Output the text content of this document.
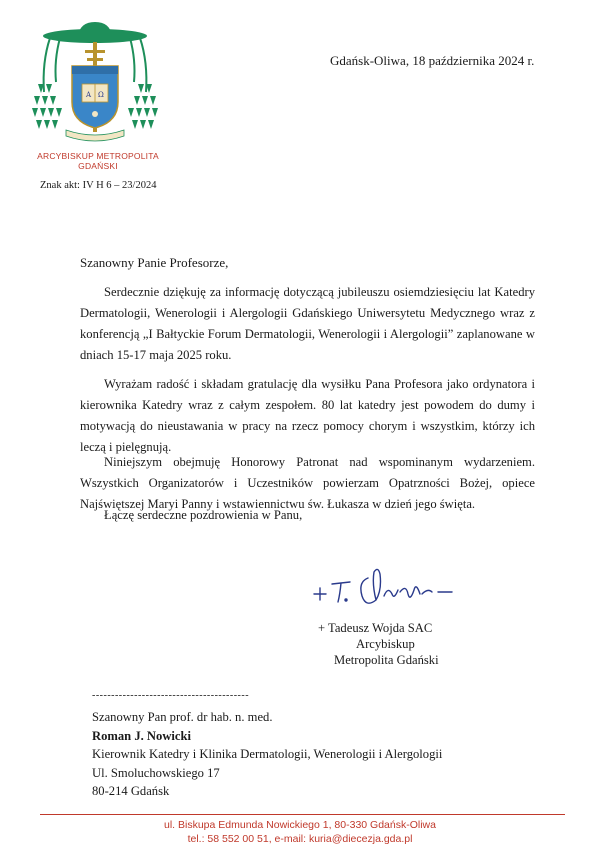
A Ω
ARCYBISKUP METROPOLITA
GDAŃSKI
Gdańsk-Oliwa, 18 października 2024 r.
Znak akt: IV H 6 – 23/2024
Szanowny Panie Profesorze,

Serdecznie dziękuję za informację dotyczącą jubileuszu osiemdziesięciu lat Katedry Dermatologii, Wenerologii i Alergologii Gdańskiego Uniwersytetu Medycznego wraz z konferencją „I Bałtyckie Forum Dermatologii, Wenerologii i Alergologii” zaplanowane w dniach 15-17 maja 2025 roku.

Wyrażam radość i składam gratulację dla wysiłku Pana Profesora jako ordynatora i kierownika Katedry wraz z całym zespołem. 80 lat katedry jest powodem do dumy i motywacją do nieustawania w pracy na rzecz pomocy chorym i wszystkim, którzy ich leczą i pielęgnują.

Niniejszym obejmuję Honorowy Patronat nad wspominanym wydarzeniem. Wszystkich Organizatorów i Uczestników powierzam Opatrzności Bożej, opiece Najświętszej Maryi Panny i wstawiennictwu św. Łukasza w dzień jego święta.

Łączę serdeczne pozdrowienia w Panu,
+ Tadeusz Wojda SAC
Arcybiskup
Metropolita Gdański
-----------------------------------------
Szanowny Pan prof. dr hab. n. med.
Roman J. Nowicki
Kierownik Katedry i Klinika Dermatologii, Wenerologii i Alergologii
Ul. Smoluchowskiego 17
80-214 Gdańsk
ul. Biskupa Edmunda Nowickiego 1, 80-330 Gdańsk-Oliwa
tel.: 58 552 00 51, e-mail: kuria@diecezja.gda.pl
